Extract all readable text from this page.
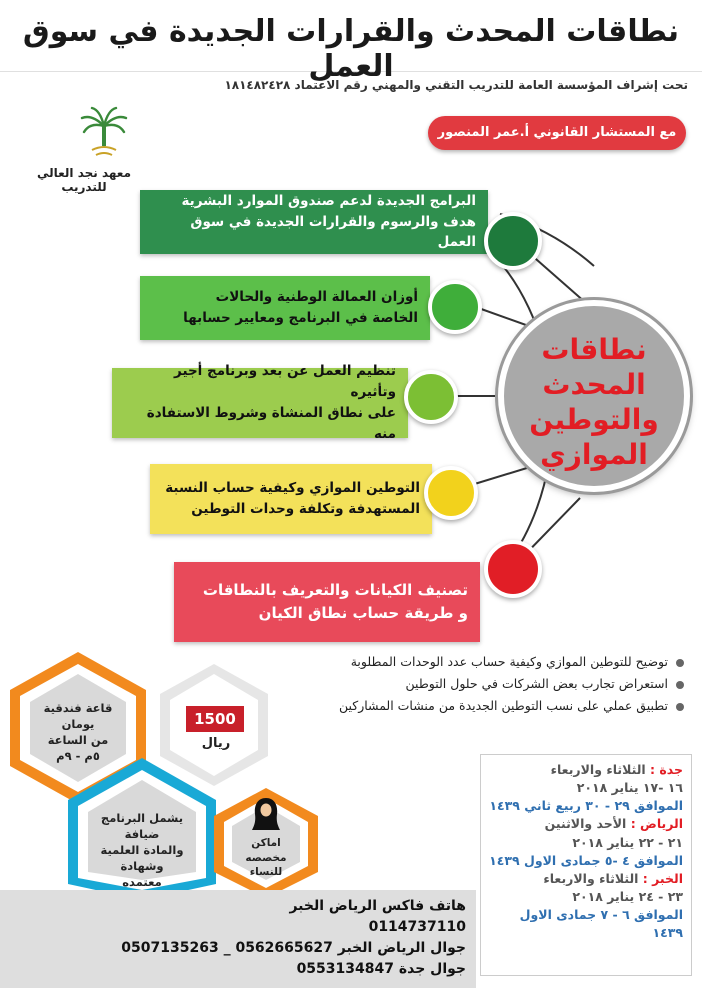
نطاقات المحدث والقرارات الجديدة في سوق العمل
تحت إشراف المؤسسة العامة للتدريب التقني والمهني رقم الاعتماد ١٨١٤٨٢٤٢٨
معهد نجد العالي للتدريب
مع المستشار القانوني أ.عمر المنصور
البرامج الجديدة لدعم صندوق الموارد البشرية
هدف والرسوم والقرارات الجديدة في سوق العمل
أوزان العمالة الوطنية والحالات
الخاصة في البرنامج ومعايير حسابها
تنظيم العمل عن بعد وبرنامج أجير وتأثيره
على نطاق المنشاة وشروط الاستفادة منه
التوطين الموازي وكيفية حساب النسبة
المستهدفة وتكلفة وحدات التوطين
تصنيف الكيانات والتعريف بالنطاقات
و طريقة حساب نطاق الكيان
نطاقات
المحدث
والتوطين
الموازي
توضيح للتوطين الموازي وكيفية حساب عدد الوحدات المطلوبة
استعراض تجارب بعض الشركات في حلول التوطين
تطبيق عملي على نسب التوطين الجديدة من منشات المشاركين
قاعة فندقية يومان
من الساعة
٥م - ٩م
1500
ريال
يشمل البرنامج ضيافة
والمادة العلمية وشهادة
معتمده
اماكن مخصصه
للنساء
جدة : الثلاثاء والاربعاء
١٦ -١٧ يناير ٢٠١٨
الموافق ٢٩ - ٣٠ ربيع ثاني ١٤٣٩
الرياض : الأحد والاثنين
٢١ - ٢٢ يناير ٢٠١٨
الموافق ٤ -٥ جمادى الاول ١٤٣٩
الخبر : الثلاثاء والاربعاء
٢٣ - ٢٤ يناير ٢٠١٨
الموافق ٦ - ٧ جمادى الاول ١٤٣٩
هاتف فاكس الرياض الخبر
0114737110
جوال الرياض الخبر 0562665627 _ 0507135263
جوال جدة 0553134847
